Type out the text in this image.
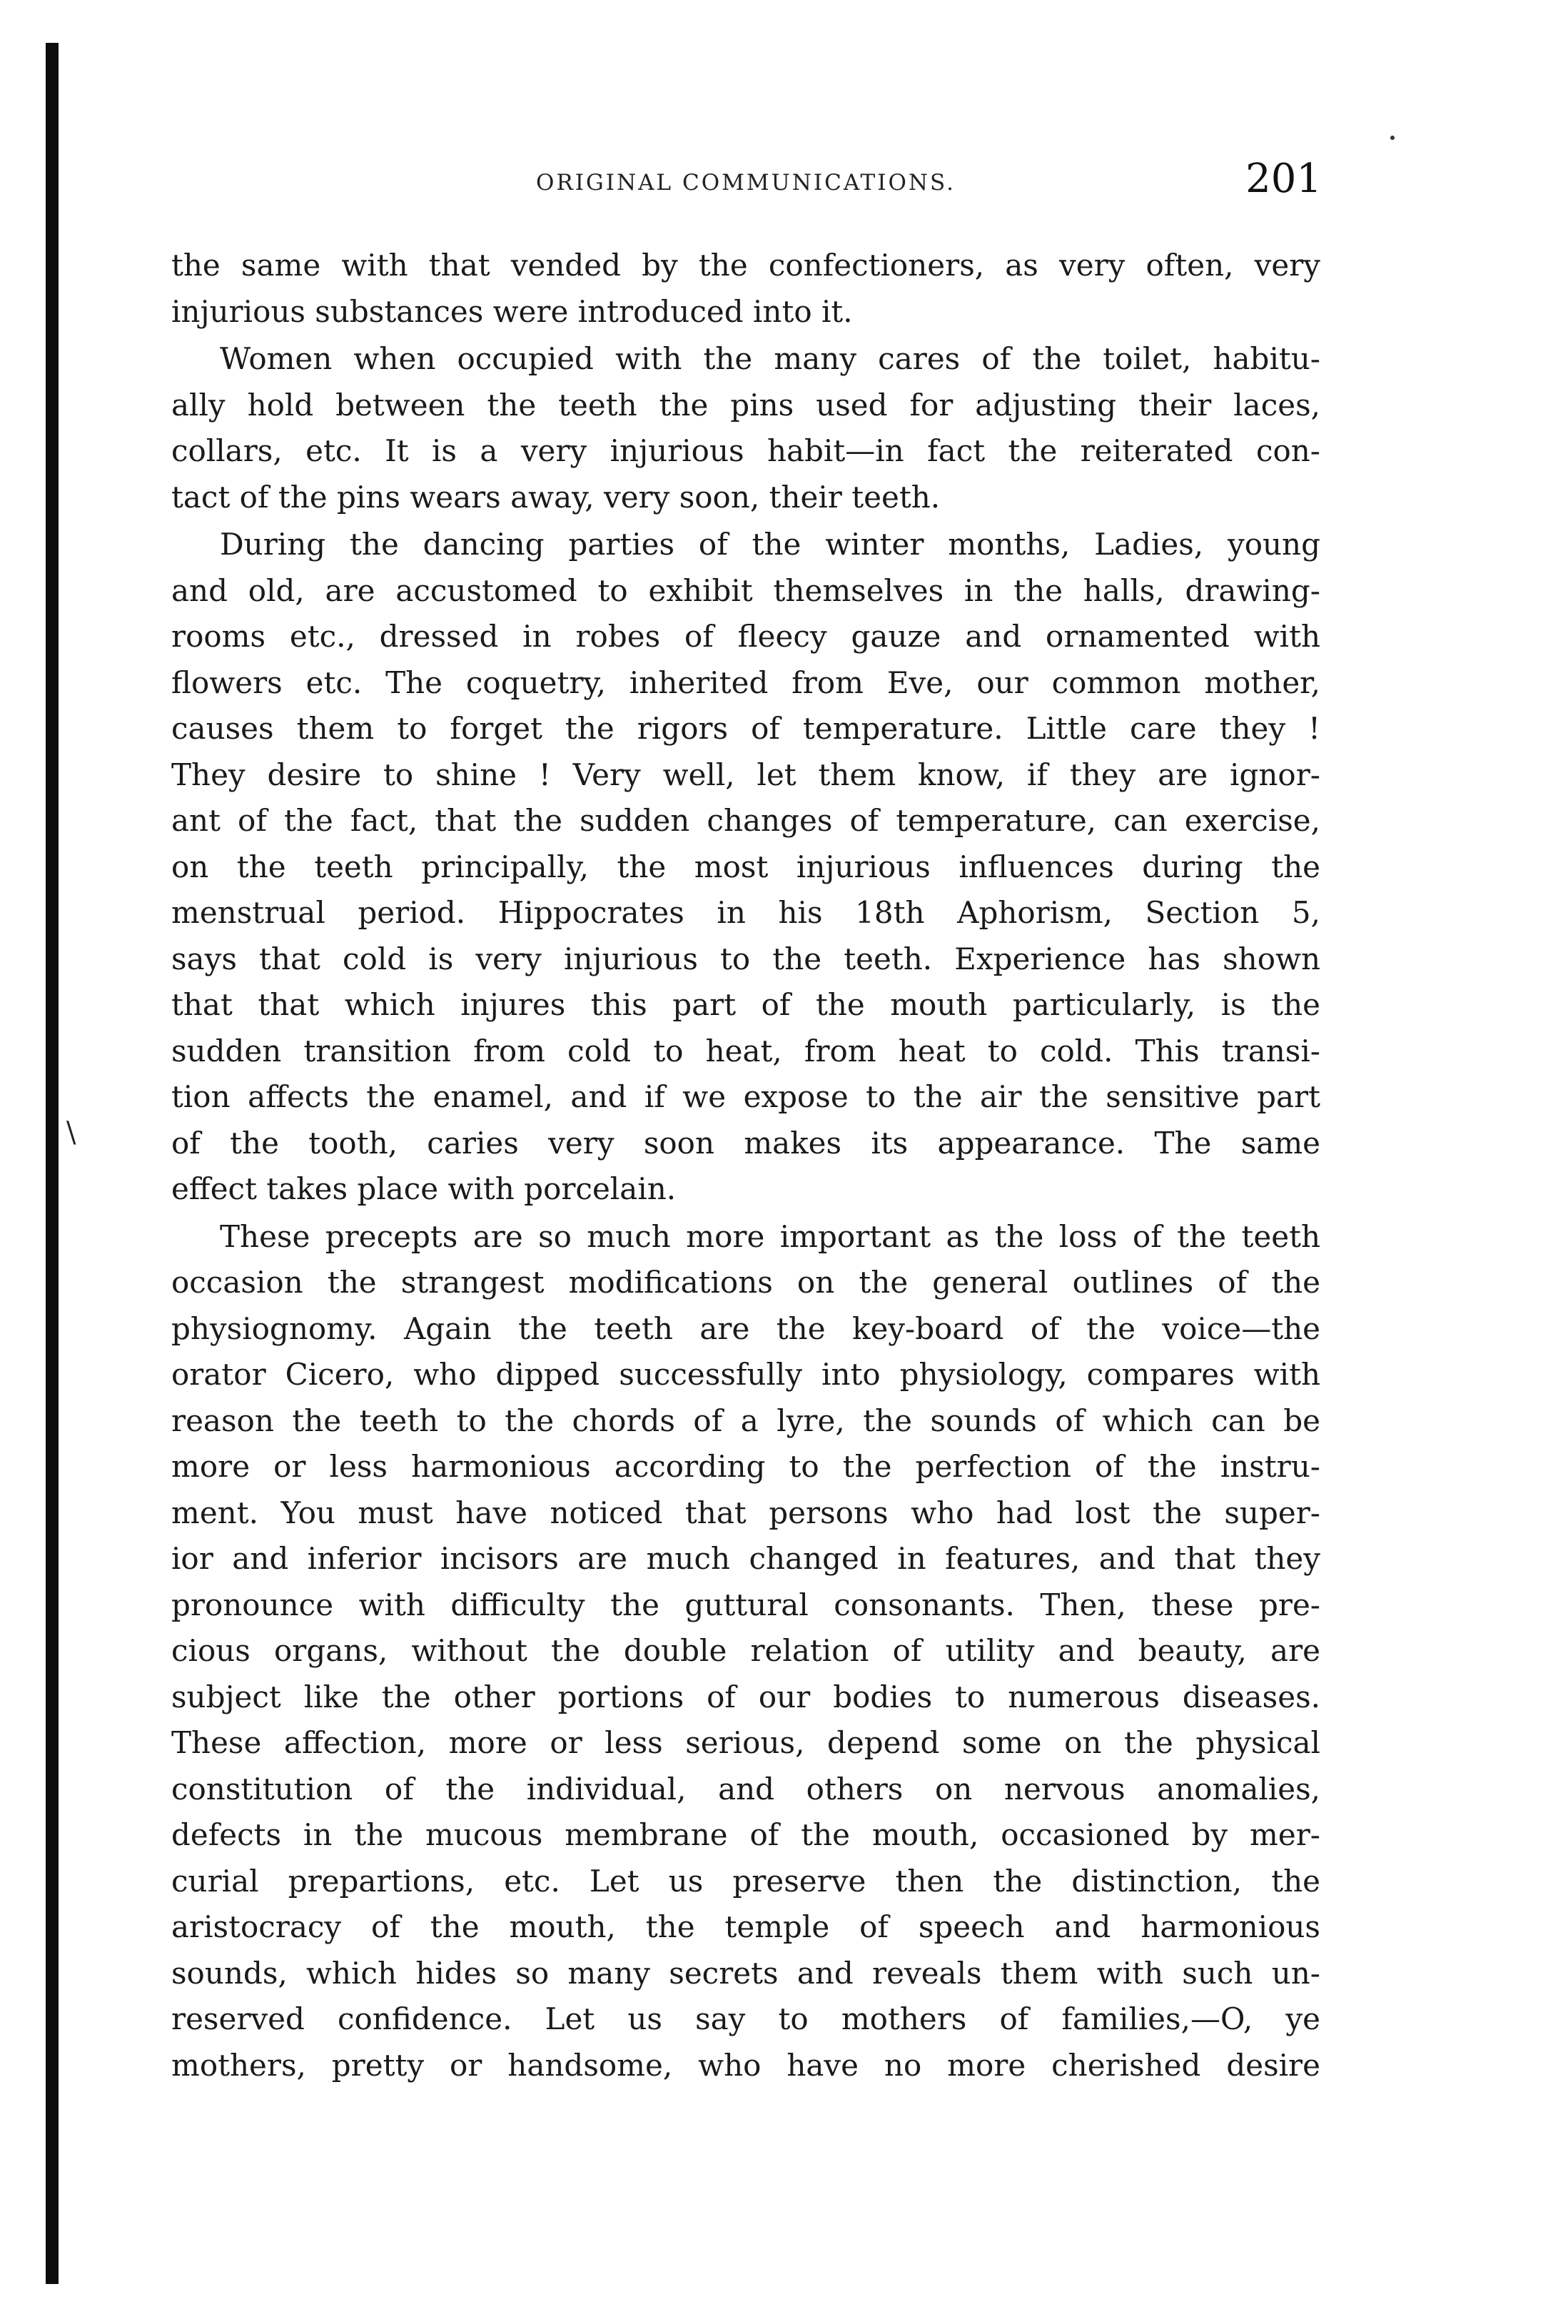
\
ORIGINAL COMMUNICATIONS.	201

the same with that vended by the confectioners, as very often, very
injurious substances were introduced into it.

Women when occupied with the many cares of the toilet, habitu-
ally hold between the teeth the pins used for adjusting their laces,
collars, etc. It is a very injurious habit—in fact the reiterated con-
tact of the pins wears away, very soon, their teeth.

During the dancing parties of the winter months, Ladies, young
and old, are accustomed to exhibit themselves in the halls, drawing-
rooms etc., dressed in robes of fleecy gauze and ornamented with
flowers etc. The coquetry, inherited from Eve, our common mother,
causes them to forget the rigors of temperature. Little care they !
They desire to shine ! Very well, let them know, if they are ignor-
ant of the fact, that the sudden changes of temperature, can exercise,
on the teeth principally, the most injurious influences during the
menstrual period. Hippocrates in his 18th Aphorism, Section 5,
says that cold is very injurious to the teeth. Experience has shown
that that which injures this part of the mouth particularly, is the
sudden transition from cold to heat, from heat to cold. This transi-
tion affects the enamel, and if we expose to the air the sensitive part
of the tooth, caries very soon makes its appearance. The same
effect takes place with porcelain.

These precepts are so much more important as the loss of the teeth
occasion the strangest modifications on the general outlines of the
physiognomy. Again the teeth are the key-board of the voice—the
orator Cicero, who dipped successfully into physiology, compares with
reason the teeth to the chords of a lyre, the sounds of which can be
more or less harmonious according to the perfection of the instru-
ment. You must have noticed that persons who had lost the super-
ior and inferior incisors are much changed in features, and that they
pronounce with difficulty the guttural consonants. Then, these pre-
cious organs, without the double relation of utility and beauty, are
subject like the other portions of our bodies to numerous diseases.
These affection, more or less serious, depend some on the physical
constitution of the individual, and others on nervous anomalies,
defects in the mucous membrane of the mouth, occasioned by mer-
curial prepartions, etc. Let us preserve then the distinction, the
aristocracy of the mouth, the temple of speech and harmonious
sounds, which hides so many secrets and reveals them with such un-
reserved confidence. Let us say to mothers of families,—O, ye
mothers, pretty or handsome, who have no more cherished desire
